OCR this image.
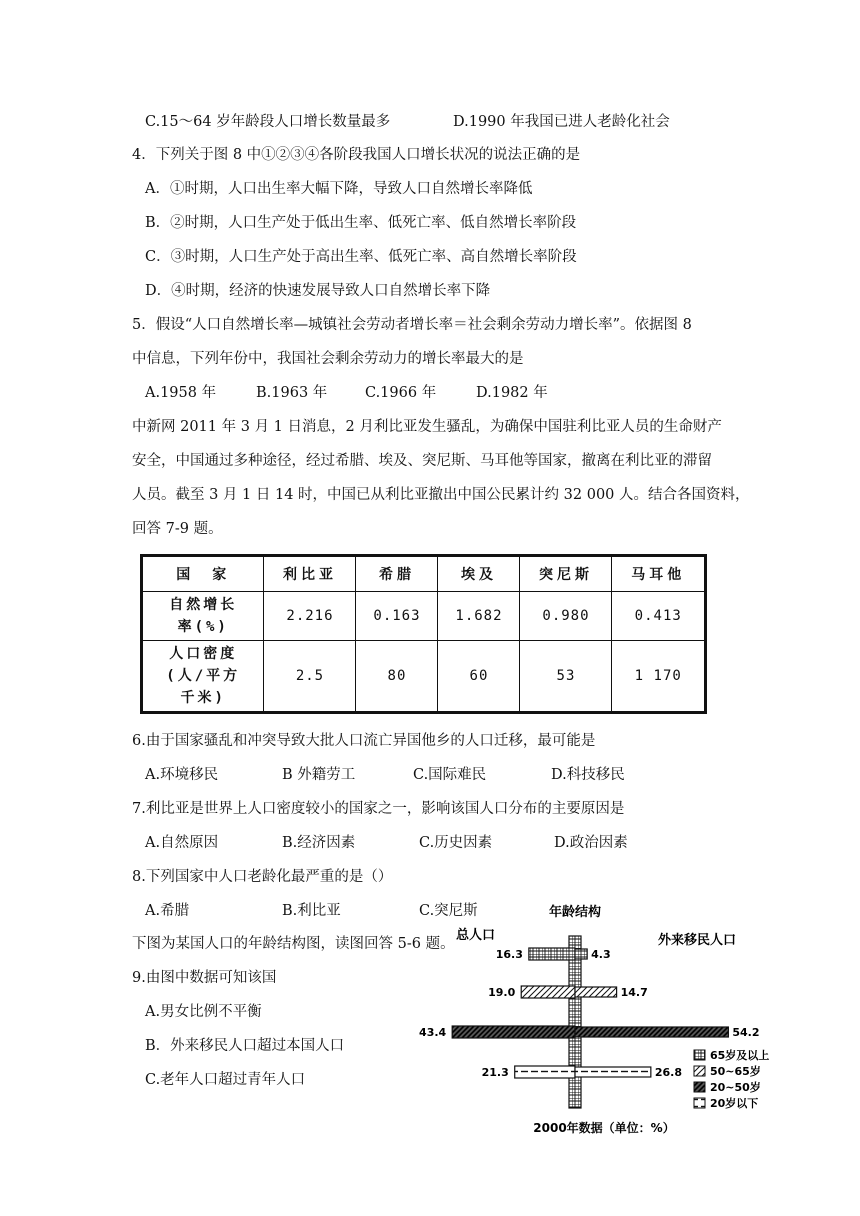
C.15～64 岁年龄段人口增长数量最多	D.1990 年我国已进人老龄化社会
4．下列关于图 8 中①②③④各阶段我国人口增长状况的说法正确的是
A．①时期，人口出生率大幅下降，导致人口自然增长率降低
B．②时期，人口生产处于低出生率、低死亡率、低自然增长率阶段
C．③时期，人口生产处于高出生率、低死亡率、高自然增长率阶段
D．④时期，经济的快速发展导致人口自然增长率下降
5．假设“人口自然增长率—城镇社会劳动者增长率＝社会剩余劳动力增长率”。依据图 8
中信息，下列年份中，我国社会剩余劳动力的增长率最大的是
A.1958 年	B.1963 年	C.1966 年	D.1982 年
中新网 2011 年 3 月 1 日消息，2 月利比亚发生骚乱，为确保中国驻利比亚人员的生命财产
安全，中国通过多种途径，经过希腊、埃及、突尼斯、马耳他等国家，撤离在利比亚的滞留
人员。截至 3 月 1 日 14 时，中国已从利比亚撤出中国公民累计约 32 000 人。结合各国资料，
回答 7-9 题。
国　家	利比亚	希腊	埃及	突尼斯	马耳他

自然增长
率(%)	2.216	0.163	1.682	0.980	0.413

人口密度
(人/平方
千米)	2.5	80	60	53	1 170
6.由于国家骚乱和冲突导致大批人口流亡异国他乡的人口迁移，最可能是
A.环境移民	B 外籍劳工	C.国际难民	D.科技移民
7.利比亚是世界上人口密度较小的国家之一，影响该国人口分布的主要原因是
A.自然原因	B.经济因素	C.历史因素	D.政治因素
8.下列国家中人口老龄化最严重的是（）
A.希腊	B.利比亚	C.突尼斯
下图为某国人口的年龄结构图，读图回答 5-6 题。
9.由图中数据可知该国
A.男女比例不平衡
B．外来移民人口超过本国人口
C.老年人口超过青年人口
年龄结构
总人口	外来移民人口
16.3	4.3
19.0	14.7
43.4	54.2
21.3	26.8
65岁及以上
50~65岁
20~50岁
20岁以下
2000年数据（单位：%）
